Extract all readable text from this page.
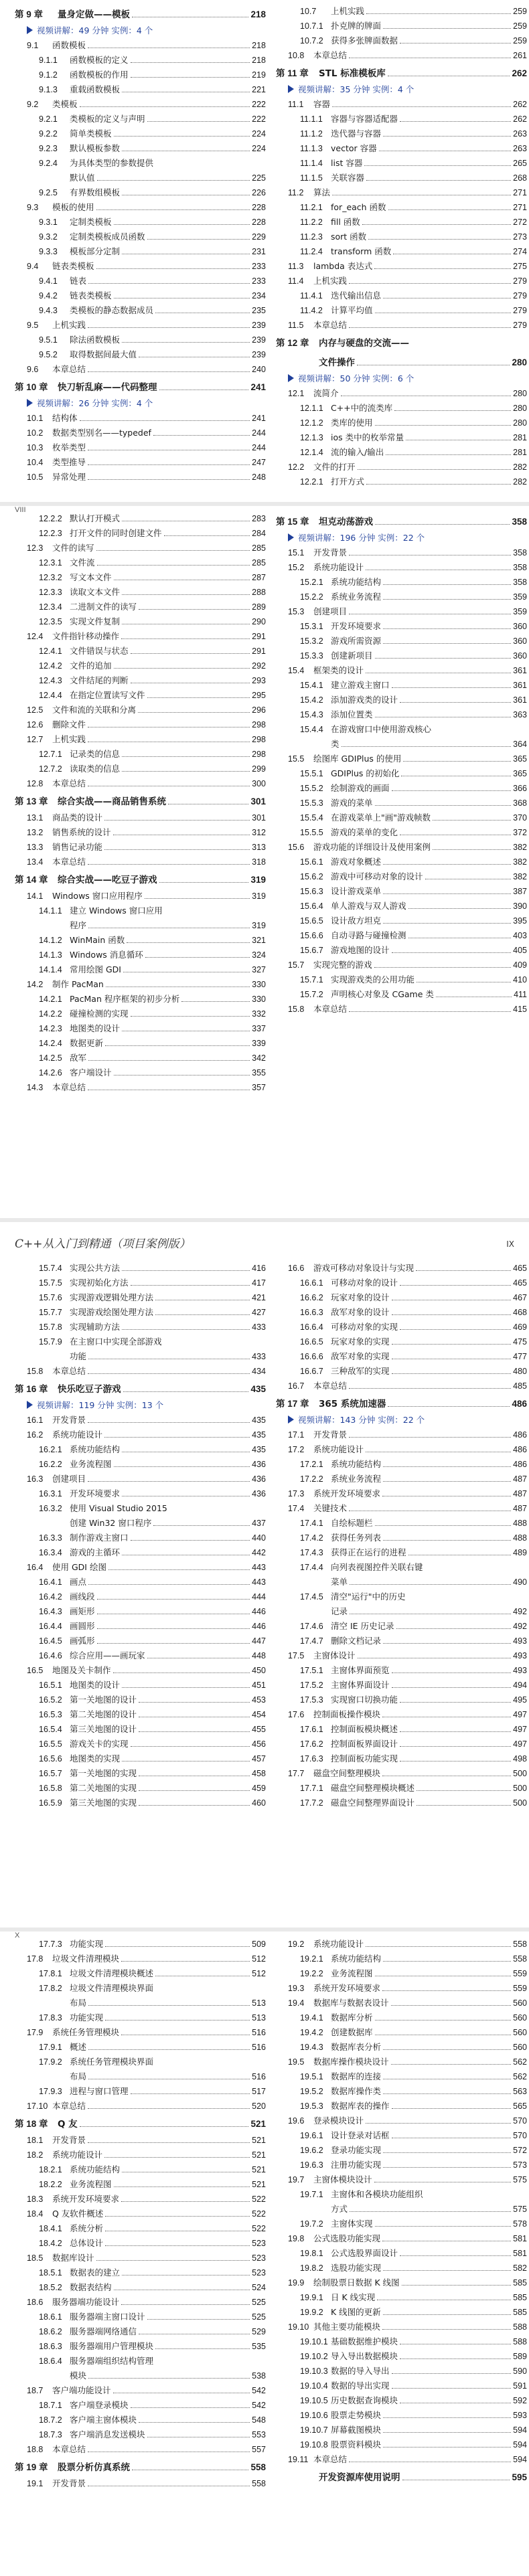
第 9 章	量身定做——模板	218
视频讲解：49 分钟 实例：4 个
9.1	函数模板	218
9.1.1	函数模板的定义	218
9.1.2	函数模板的作用	219
9.1.3	重载函数模板	221
9.2	类模板	222
9.2.1	类模板的定义与声明	222
9.2.2	简单类模板	224
9.2.3	默认模板参数	224
9.2.4	为具体类型的参数提供
默认值	225
9.2.5	有界数组模板	226
9.3	模板的使用	228
9.3.1	定制类模板	228
9.3.2	定制类模板成员函数	229
9.3.3	模板部分定制	231
9.4	链表类模板	233
9.4.1	链表	233
9.4.2	链表类模板	234
9.4.3	类模板的静态数据成员	235
9.5	上机实践	239
9.5.1	除法函数模板	239
9.5.2	取得数据间最大值	239
9.6	本章总结	240
第 10 章	快刀斩乱麻——代码整理	241
视频讲解：26 分钟 实例：4 个
10.1	结构体	241
10.2	数据类型别名——typedef	244
10.3	枚举类型	244
10.4	类型推导	247
10.5	异常处理	248
10.7	上机实践	259
10.7.1 扑克牌的牌面	259
10.7.2 获得多张牌面数据	259
10.8	本章总结	261
第 11 章	STL 标准模板库	262
视频讲解：35 分钟 实例：4 个
11.1	容器	262
11.1.1 容器与容器适配器	262
11.1.2 迭代器与容器	263
11.1.3 vector 容器	263
11.1.4 list 容器	265
11.1.5 关联容器	268
11.2	算法	271
11.2.1 for_each 函数	271
11.2.2 fill 函数	272
11.2.3 sort 函数	273
11.2.4 transform 函数	274
11.3	lambda 表达式	275
11.4	上机实践	279
11.4.1 迭代输出信息	279
11.4.2 计算平均值	279
11.5	本章总结	279
第 12 章	内存与硬盘的交流——
文件操作	280
视频讲解：50 分钟 实例：6 个
12.1	流简介	280
12.1.1 C++中的流类库	280
12.1.2 类库的使用	280
12.1.3 ios 类中的枚举常量	281
12.1.4 流的输入/输出	281
12.2	文件的打开	282
12.2.1 打开方式	282
12.2.2 默认打开模式	283
12.2.3 打开文件的同时创建文件	284
12.3	文件的读写	285
12.3.1 文件流	285
12.3.2 写文本文件	287
12.3.3 读取文本文件	288
12.3.4 二进制文件的读写	289
12.3.5 实现文件复制	290
12.4	文件指针移动操作	291
12.4.1 文件错误与状态	291
12.4.2 文件的追加	292
12.4.3 文件结尾的判断	293
12.4.4 在指定位置读写文件	295
12.5	文件和流的关联和分离	296
12.6	删除文件	298
12.7	上机实践	298
12.7.1 记录类的信息	298
12.7.2 读取类的信息	299
12.8	本章总结	300
第 13 章	综合实战——商品销售系统	301
13.1	商品类的设计	301
13.2	销售系统的设计	312
13.3	销售记录功能	313
13.4	本章总结	318
第 14 章	综合实战——吃豆子游戏	319
14.1	Windows 窗口应用程序	319
14.1.1 建立 Windows 窗口应用
程序	319
14.1.2 WinMain 函数	321
14.1.3 Windows 消息循环	324
14.1.4 常用绘图 GDI	327
14.2	制作 PacMan	330
14.2.1 PacMan 程序框架的初步分析	330
14.2.2 碰撞检测的实现	332
14.2.3 地图类的设计	337
14.2.4 数据更新	339
14.2.5 敌军	342
14.2.6 客户端设计	355
14.3	本章总结	357
第 15 章	坦克动荡游戏	358
视频讲解：196 分钟 实例：22 个
15.1	开发背景	358
15.2	系统功能设计	358
15.2.1 系统功能结构	358
15.2.2 系统业务流程	359
15.3	创建项目	359
15.3.1 开发环境要求	360
15.3.2 游戏所需资源	360
15.3.3 创建新项目	360
15.4	框架类的设计	361
15.4.1 建立游戏主窗口	361
15.4.2 添加游戏类的设计	361
15.4.3 添加位置类	363
15.4.4 在游戏窗口中使用游戏核心
类	364
15.5	绘图库 GDIPlus 的使用	365
15.5.1 GDIPlus 的初始化	365
15.5.2 绘制游戏的画面	366
15.5.3 游戏的菜单	368
15.5.4 在游戏菜单上"画"游戏帧数	370
15.5.5 游戏的菜单的变化	372
15.6	游戏功能的详细设计及使用案例	382
15.6.1 游戏对象概述	382
15.6.2 游戏中可移动对象的设计	382
15.6.3 设计游戏菜单	387
15.6.4 单人游戏与双人游戏	390
15.6.5 设计敌方坦克	395
15.6.6 自动寻路与碰撞检测	403
15.6.7 游戏地图的设计	405
15.7	实现完整的游戏	409
15.7.1 实现游戏类的公用功能	410
15.7.2 声明核心对象及 CGame 类	411
15.8	本章总结	415
VIII
C++从入门到精通（项目案例版）	IX
15.7.4 实现公共方法	416
15.7.5 实现初始化方法	417
15.7.6 实现游戏逻辑处理方法	421
15.7.7 实现游戏绘图处理方法	427
15.7.8 实现辅助方法	433
15.7.9 在主窗口中实现全部游戏
功能	433
15.8	本章总结	434
第 16 章	快乐吃豆子游戏	435
视频讲解：119 分钟 实例：13 个
16.1	开发背景	435
16.2	系统功能设计	435
16.2.1 系统功能结构	435
16.2.2 业务流程图	436
16.3	创建项目	436
16.3.1 开发环境要求	436
16.3.2 使用 Visual Studio 2015
创建 Win32 窗口程序	437
16.3.3 制作游戏主窗口	440
16.3.4 游戏的主循环	442
16.4	使用 GDI 绘图	443
16.4.1 画点	443
16.4.2 画线段	444
16.4.3 画矩形	446
16.4.4 画圆形	446
16.4.5 画弧形	447
16.4.6 综合应用——画玩家	448
16.5	地图及关卡制作	450
16.5.1 地图类的设计	451
16.5.2 第一关地图的设计	453
16.5.3 第二关地图的设计	454
16.5.4 第三关地图的设计	455
16.5.5 游戏关卡的实现	456
16.5.6 地图类的实现	457
16.5.7 第一关地图的实现	458
16.5.8 第二关地图的实现	459
16.5.9 第三关地图的实现	460
16.6	游戏可移动对象设计与实现	465
16.6.1 可移动对象的设计	465
16.6.2 玩家对象的设计	467
16.6.3 敌军对象的设计	468
16.6.4 可移动对象的实现	469
16.6.5 玩家对象的实现	475
16.6.6 敌军对象的实现	477
16.6.7 三种敌军的实现	480
16.7	本章总结	485
第 17 章	365 系统加速器	486
视频讲解：143 分钟 实例：22 个
17.1	开发背景	486
17.2	系统功能设计	486
17.2.1 系统功能结构	486
17.2.2 系统业务流程	487
17.3	系统开发环境要求	487
17.4	关键技术	487
17.4.1 自绘标题栏	488
17.4.2 获得任务列表	488
17.4.3 获得正在运行的进程	489
17.4.4 向列表视图控件关联右键
菜单	490
17.4.5 清空"运行"中的历史
记录	492
17.4.6 清空 IE 历史记录	492
17.4.7 删除文档记录	493
17.5	主窗体设计	493
17.5.1 主窗体界面预览	493
17.5.2 主窗体界面设计	494
17.5.3 实现窗口切换功能	495
17.6	控制面板操作模块	497
17.6.1 控制面板模块概述	497
17.6.2 控制面板界面设计	497
17.6.3 控制面板功能实现	498
17.7	磁盘空间整理模块	500
17.7.1 磁盘空间整理模块概述	500
17.7.2 磁盘空间整理界面设计	500
17.7.3 功能实现	509
17.8	垃圾文件清理模块	512
17.8.1 垃圾文件清理模块概述	512
17.8.2 垃圾文件清理模块界面
布局	513
17.8.3 功能实现	513
17.9	系统任务管理模块	516
17.9.1 概述	516
17.9.2 系统任务管理模块界面
布局	516
17.9.3 进程与窗口管理	517
17.10 本章总结	520
第 18 章	Q 友	521
18.1	开发背景	521
18.2	系统功能设计	521
18.2.1 系统功能结构	521
18.2.2 业务流程图	521
18.3	系统开发环境要求	522
18.4	Q 友软件概述	522
18.4.1 系统分析	522
18.4.2 总体设计	523
18.5	数据库设计	523
18.5.1 数据表的建立	523
18.5.2 数据表结构	524
18.6	服务器端功能设计	525
18.6.1 服务器端主窗口设计	525
18.6.2 服务器端网络通信	529
18.6.3 服务器端用户管理模块	535
18.6.4 服务器端组织结构管理
模块	538
18.7	客户端功能设计	542
18.7.1 客户端登录模块	542
18.7.2 客户端主窗体模块	548
18.7.3 客户端消息发送模块	553
18.8	本章总结	557
第 19 章	股票分析仿真系统	558
19.1	开发背景	558
19.2	系统功能设计	558
19.2.1 系统功能结构	558
19.2.2 业务流程图	559
19.3	系统开发环境要求	559
19.4	数据库与数据表设计	560
19.4.1 数据库分析	560
19.4.2 创建数据库	560
19.4.3 数据库表分析	560
19.5	数据库操作模块设计	562
19.5.1 数据库的连接	562
19.5.2 数据库操作类	563
19.5.3 数据库表的操作	565
19.6	登录模块设计	570
19.6.1 设计登录对话框	570
19.6.2 登录功能实现	572
19.6.3 注册功能实现	573
19.7	主窗体模块设计	575
19.7.1 主窗体和各模块功能组织
方式	575
19.7.2 主窗体实现	578
19.8	公式选股功能实现	581
19.8.1 公式选股界面设计	581
19.8.2 选股功能实现	582
19.9	绘制股票日数据 K 线图	585
19.9.1 日 K 线实现	585
19.9.2 K 线图的更新	585
19.10 其他主要功能模块	588
19.10.1 基础数据维护模块	588
19.10.2 导入导出数据模块	589
19.10.3 数据的导入导出	590
19.10.4 数据的导出实现	591
19.10.5 历史数据查询模块	592
19.10.6 股票走势模块	593
19.10.7 屏幕截图模块	594
19.10.8 股票资料模块	594
19.11 本章总结	594
开发资源库使用说明	595
X
